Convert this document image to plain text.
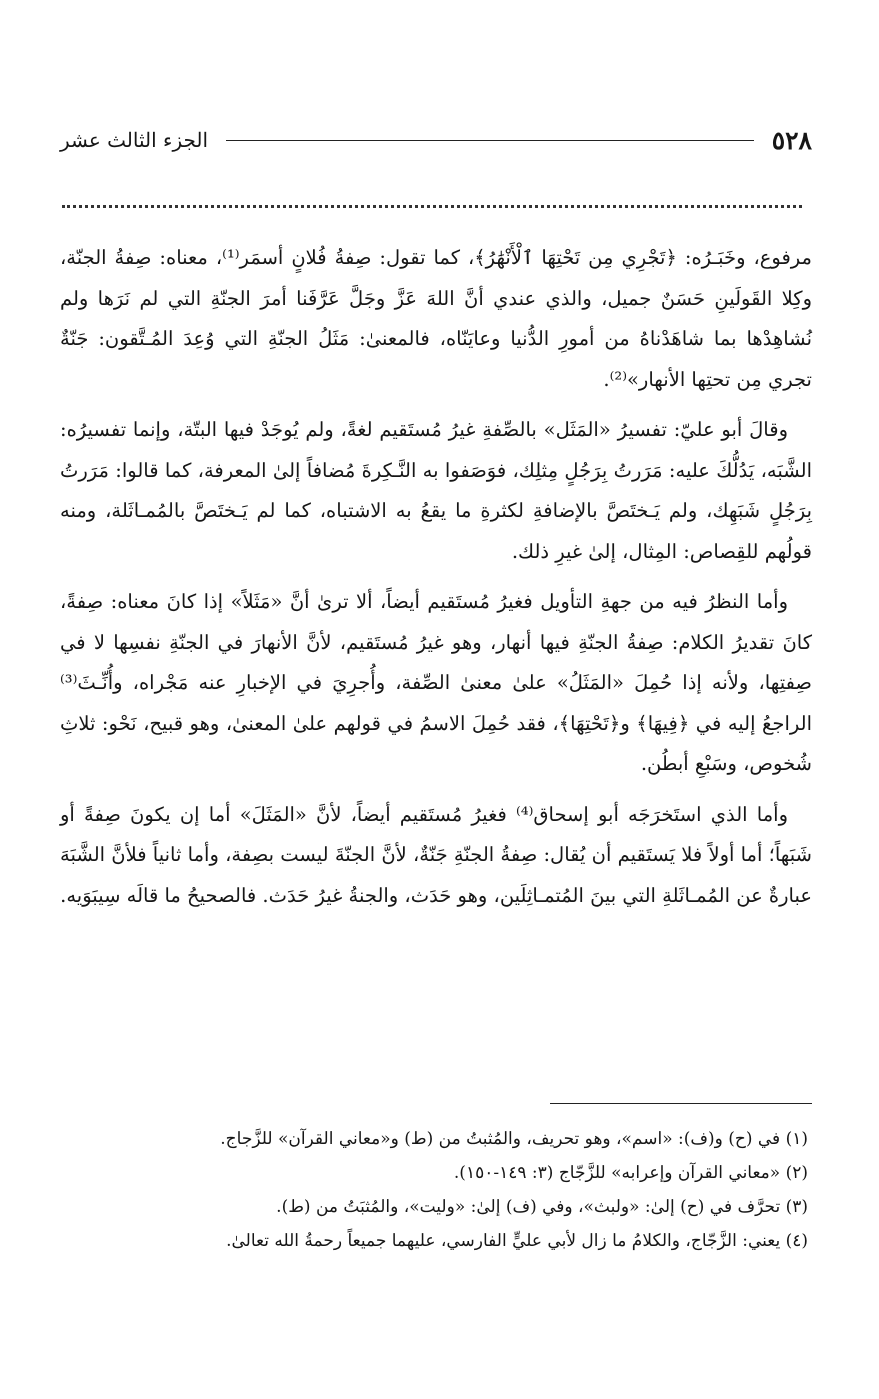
٥٢٨
الجزء الثالث عشر

مرفوع، وخَبَـرُه: ﴿تَجْرِي مِن تَحْتِهَا ٱلْأَنْهَٰرُ﴾، كما تقول: صِفةُ فُلانٍ أسمَر⁽¹⁾، معناه: صِفةُ الجنّة، وكِلا القَولَينِ حَسَنٌ جميل، والذي عندي أنَّ اللهَ عَزَّ وجَلَّ عَرَّفَنا أمرَ الجنّةِ التي لم نَرَها ولم نُشاهِدْها بما شاهَدْناهُ من أمورِ الدُّنيا وعايَنّاه، فالمعنىٰ: مَثَلُ الجنّةِ التي وُعِدَ المُـتَّقون: جَنّةٌ تجري مِن تحتِها الأنهار»⁽²⁾.

وقالَ أبو عليّ: تفسيرُ «المَثَل» بالصِّفةِ غيرُ مُستَقيم لغةً، ولم يُوجَدْ فيها البتّة، وإنما تفسيرُه: الشَّبَه، يَدُلُّكَ عليه: مَرَرتُ بِرَجُلٍ مِثلِك، فوَصَفوا به النَّـكِرةَ مُضافاً إلىٰ المعرفة، كما قالوا: مَرَرتُ بِرَجُلٍ شَبَهِك، ولم يَـختَصَّ بالإضافةِ لكثرةِ ما يقعُ به الاشتباه، كما لم يَـختَصَّ بالمُمـاثَلة، ومنه قولُهم للقِصاص: المِثال، إلىٰ غيرِ ذلك.

وأما النظرُ فيه من جهةِ التأويل فغيرُ مُستَقيم أيضاً، ألا ترىٰ أنَّ «مَثَلاً» إذا كانَ معناه: صِفةً، كانَ تقديرُ الكلام: صِفةُ الجنّةِ فيها أنهار، وهو غيرُ مُستَقيم، لأنَّ الأنهارَ في الجنّةِ نفسِها لا في صِفتِها، ولأنه إذا حُمِلَ «المَثَلُ» علىٰ معنىٰ الصِّفة، وأُجرِيَ في الإخبارِ عنه مَجْراه، وأُنِّـثَ⁽³⁾ الراجعُ إليه في ﴿فِيهَا﴾ و﴿تَحْتِهَا﴾، فقد حُمِلَ الاسمُ في قولهم علىٰ المعنىٰ، وهو قبيح، نَحْو: ثلاثِ شُخوص، وسَبْعِ أبطُن.

وأما الذي استَخرَجَه أبو إسحاق⁽⁴⁾ فغيرُ مُستَقيم أيضاً، لأنَّ «المَثَلَ» أما إن يكونَ صِفةً أو شَبَهاً؛ أما أولاً فلا يَستَقيم أن يُقال: صِفةُ الجنّةِ جَنّةٌ، لأنَّ الجنّةَ ليست بصِفة، وأما ثانياً فلأنَّ الشَّبَهَ عبارةٌ عن المُمـاثَلةِ التي بينَ المُتمـاثِلَين، وهو حَدَث، والجنةُ غيرُ حَدَث. فالصحيحُ ما قالَه سِيبَوَيه.

(١) في (ح) و(ف): «اسم»، وهو تحريف، والمُثبتُ من (ط) و«معاني القرآن» للزَّجاج.

(٢) «معاني القرآن وإعرابه» للزَّجّاج (٣: ١٤٩-١٥٠).

(٣) تحرَّف في (ح) إلىٰ: «ولبث»، وفي (ف) إلىٰ: «وليت»، والمُثبَتُ من (ط).

(٤) يعني: الزَّجّاج، والكلامُ ما زال لأبي عليٍّ الفارسي، عليهما جميعاً رحمةُ الله تعالىٰ.
